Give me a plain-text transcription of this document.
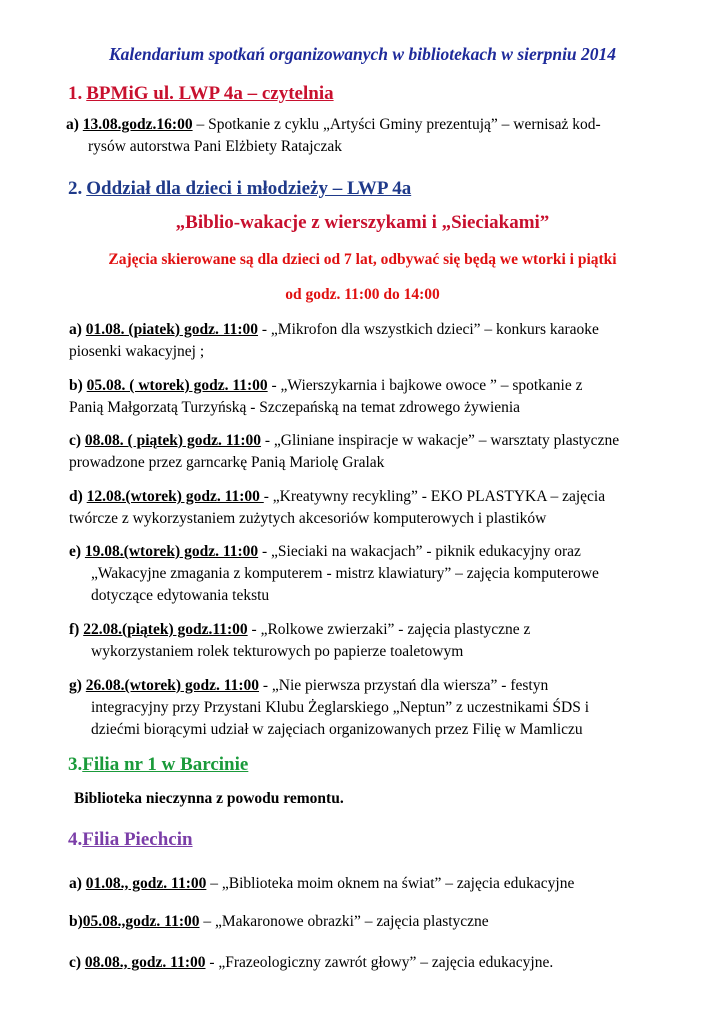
Kalendarium spotkań organizowanych w bibliotekach w sierpniu 2014
1. BPMiG ul. LWP 4a – czytelnia
a) 13.08.godz.16:00 – Spotkanie z cyklu „Artyści Gminy prezentują” – wernisaż kod-
rysów autorstwa Pani Elżbiety Ratajczak
2. Oddział dla dzieci i młodzieży – LWP 4a
„Biblio-wakacje z wierszykami i „Sieciakami”
Zajęcia skierowane są dla dzieci od 7 lat, odbywać się będą we wtorki i piątki
od godz. 11:00 do 14:00
a) 01.08. (piatek) godz. 11:00 - „Mikrofon dla wszystkich dzieci” – konkurs karaoke
piosenki wakacyjnej ;
b) 05.08. ( wtorek) godz. 11:00 - „Wierszykarnia i bajkowe owoce ” – spotkanie z
Panią Małgorzatą Turzyńską - Szczepańską na temat zdrowego żywienia
c) 08.08. ( piątek) godz. 11:00 - „Gliniane inspiracje w wakacje” – warsztaty plastyczne
prowadzone przez garncarkę Panią Mariolę Gralak
d) 12.08.(wtorek) godz. 11:00 - „Kreatywny recykling” - EKO PLASTYKA – zajęcia
twórcze z wykorzystaniem zużytych akcesoriów komputerowych i plastików
e) 19.08.(wtorek) godz. 11:00 - „Sieciaki na wakacjach” - piknik edukacyjny oraz
„Wakacyjne zmagania z komputerem - mistrz klawiatury” – zajęcia komputerowe
dotyczące edytowania tekstu
f) 22.08.(piątek) godz.11:00 - „Rolkowe zwierzaki” - zajęcia plastyczne z
wykorzystaniem rolek tekturowych po papierze toaletowym
g) 26.08.(wtorek) godz. 11:00 - „Nie pierwsza przystań dla wiersza” - festyn
integracyjny przy Przystani Klubu Żeglarskiego „Neptun” z uczestnikami ŚDS i
dziećmi biorącymi udział w zajęciach organizowanych przez Filię w Mamliczu
3.Filia nr 1 w Barcinie
Biblioteka nieczynna z powodu remontu.
4.Filia Piechcin
a) 01.08., godz. 11:00 – „Biblioteka moim oknem na świat” – zajęcia edukacyjne
b)05.08.,godz. 11:00 – „Makaronowe obrazki” – zajęcia plastyczne
c) 08.08., godz. 11:00 - „Frazeologiczny zawrót głowy” – zajęcia edukacyjne.
